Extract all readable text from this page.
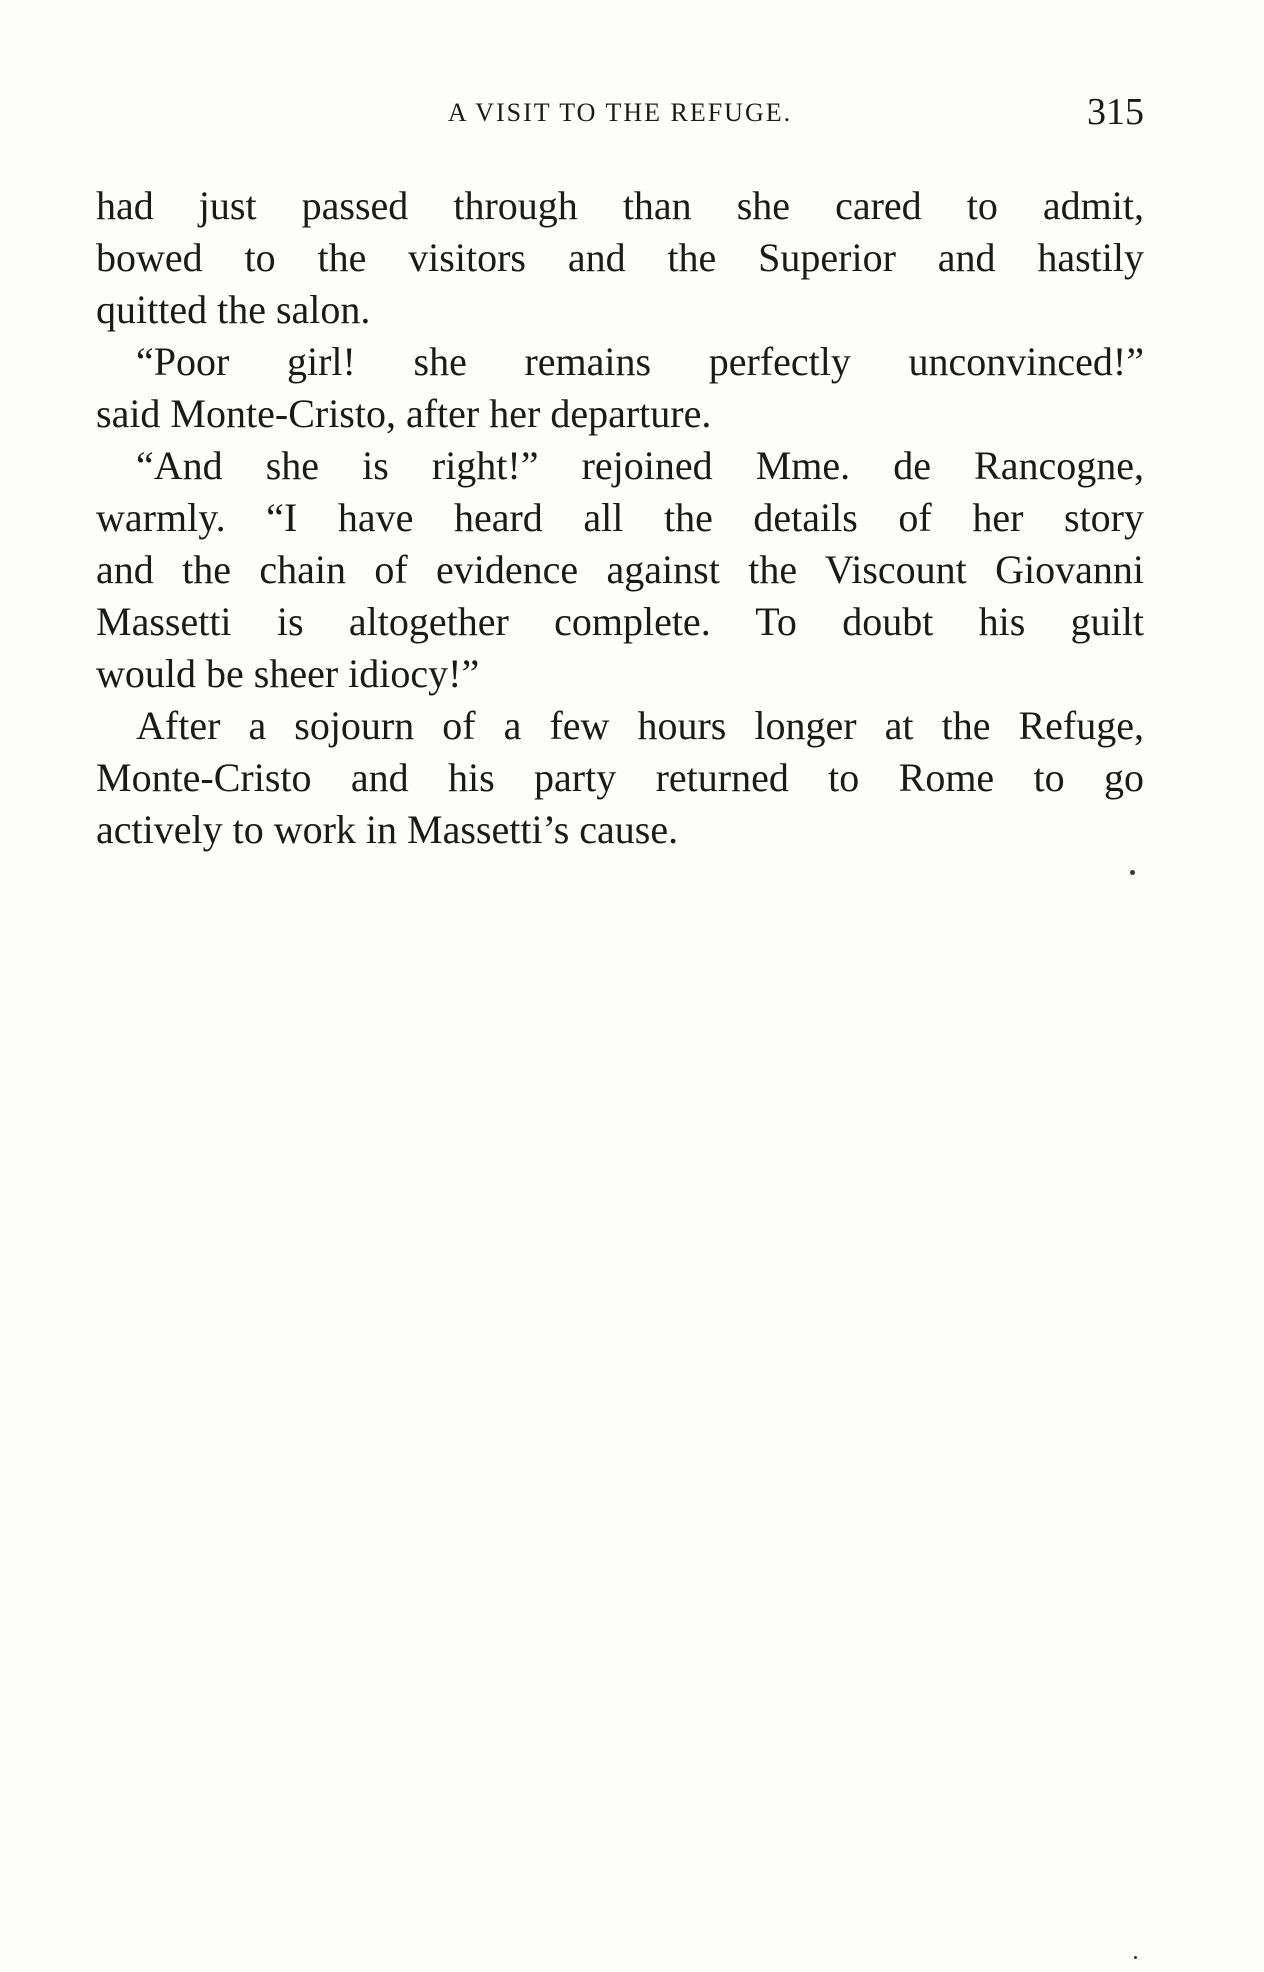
A VISIT TO THE REFUGE.	315
had just passed through than she cared to admit,
bowed to the visitors and the Superior and hastily
quitted the salon.
“Poor girl! she remains perfectly unconvinced!”
said Monte-Cristo, after her departure.
“And she is right!” rejoined Mme. de Rancogne,
warmly. “I have heard all the details of her story
and the chain of evidence against the Viscount Giovanni
Massetti is altogether complete. To doubt his guilt
would be sheer idiocy!”
After a sojourn of a few hours longer at the Refuge,
Monte-Cristo and his party returned to Rome to go
actively to work in Massetti’s cause.
